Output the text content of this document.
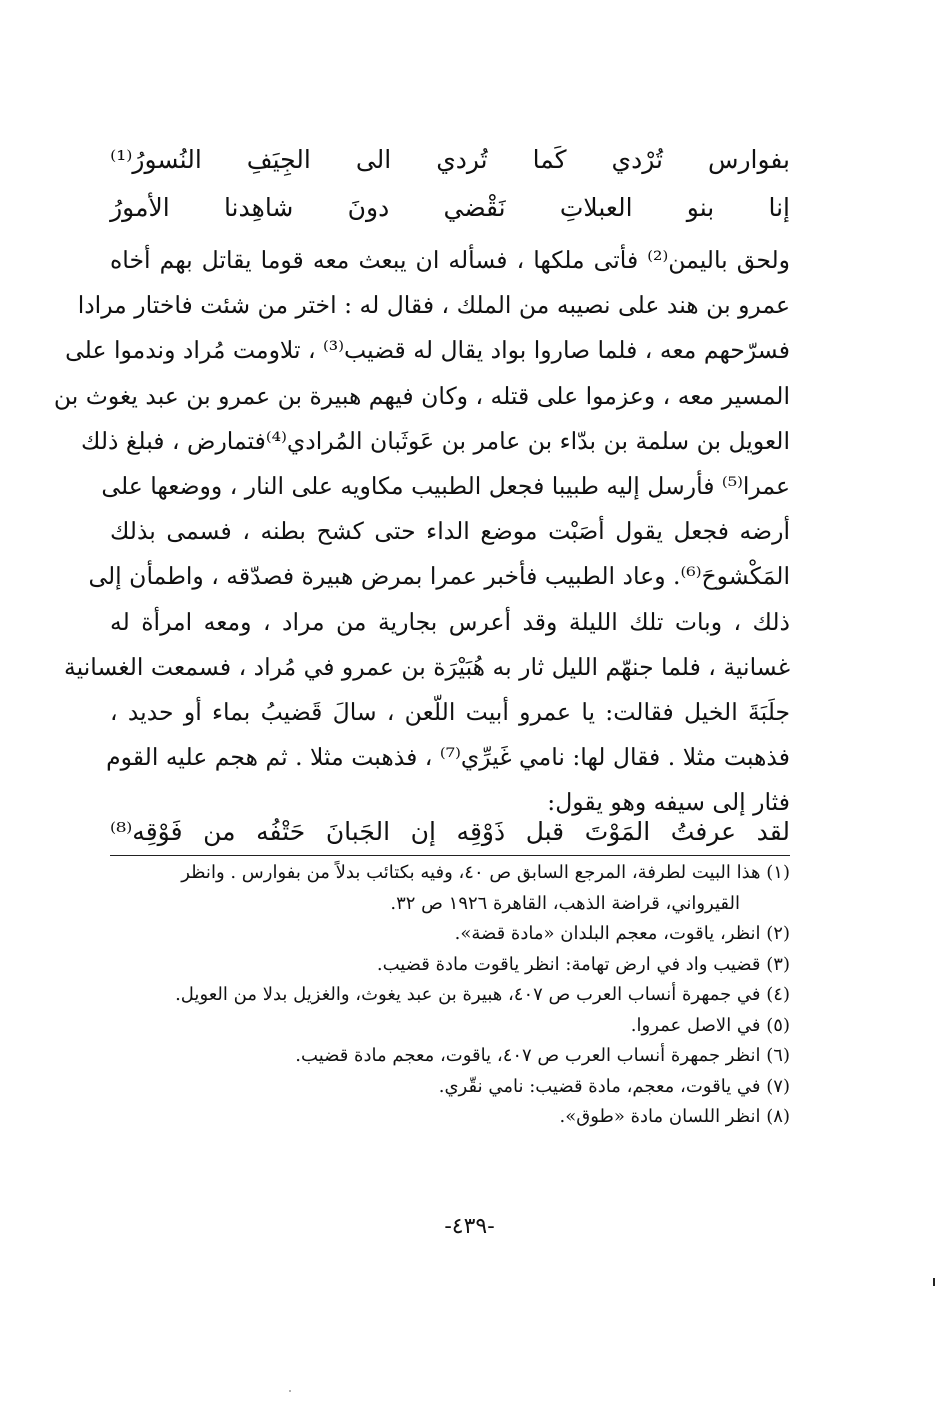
بفوارس
تُرْدي
كَما
تُردي
الى
الجِيَفِ
النُسورُ⁽¹⁾
إنا
بنو
العبلاتِ
نَقْضي
دونَ
شاهِدنا
الأمورُ

ولحق باليمن⁽²⁾ فأتى ملكها ، فسأله ان يبعث معه قوما يقاتل بهم أخاه

عمرو بن هند على نصيبه من الملك ، فقال له : اختر من شئت فاختار مرادا

فسرّحهم معه ، فلما صاروا بواد يقال له قضيب⁽³⁾ ، تلاومت مُراد وندموا على

المسير معه ، وعزموا على قتله ، وكان فيهم هبيرة بن عمرو بن عبد يغوث بن

العويل بن سلمة بن بدّاء بن عامر بن عَوثَبان المُرادي⁽⁴⁾فتمارض ، فبلغ ذلك

عمرا⁽⁵⁾ فأرسل إليه طبيبا فجعل الطبيب مكاويه على النار ، ووضعها على

أرضه فجعل يقول أصَبْت موضع الداء حتى كشح بطنه ، فسمى بذلك

المَكْشوحَ⁽⁶⁾. وعاد الطبيب فأخبر عمرا بمرض هبيرة فصدّقه ، واطمأن إلى

ذلك ، وبات تلك الليلة وقد أعرس بجارية من مراد ، ومعه امرأة له

غسانية ، فلما جنهّم الليل ثار به هُبَيْرَة بن عمرو في مُراد ، فسمعت الغسانية

جلَبَةَ الخيل فقالت: يا عمرو أبيت اللّعن ، سالَ قَضيبُ بماء أو حديد ،

فذهبت مثلا . فقال لها: نامي غَيرِّي⁽⁷⁾ ، فذهبت مثلا . ثم هجم عليه القوم

فثار إلى سيفه وهو يقول:

لقد
عرفتُ
المَوْتَ
قبل
ذَوْقِه
إن
الجَبانَ
حَتْفُه
من
فَوْقِه⁽⁸⁾
(١) هذا البيت لطرفة، المرجع السابق ص ٤٠، وفيه بكتائب بدلاً من بفوارس . وانظر
القيرواني، قراضة الذهب، القاهرة ١٩٢٦ ص ٣٢.
(٢) انظر، ياقوت، معجم البلدان «مادة قضة».
(٣) قضيب واد في ارض تهامة: انظر ياقوت مادة قضيب.
(٤) في جمهرة أنساب العرب ص ٤٠٧، هبيرة بن عبد يغوث، والغزيل بدلا من العويل.
(٥) في الاصل عمروا.
(٦) انظر جمهرة أنساب العرب ص ٤٠٧، ياقوت، معجم مادة قضيب.
(٧) في ياقوت، معجم، مادة قضيب: نامي نقّري.
(٨) انظر اللسان مادة «طوق».
-٤٣٩-
